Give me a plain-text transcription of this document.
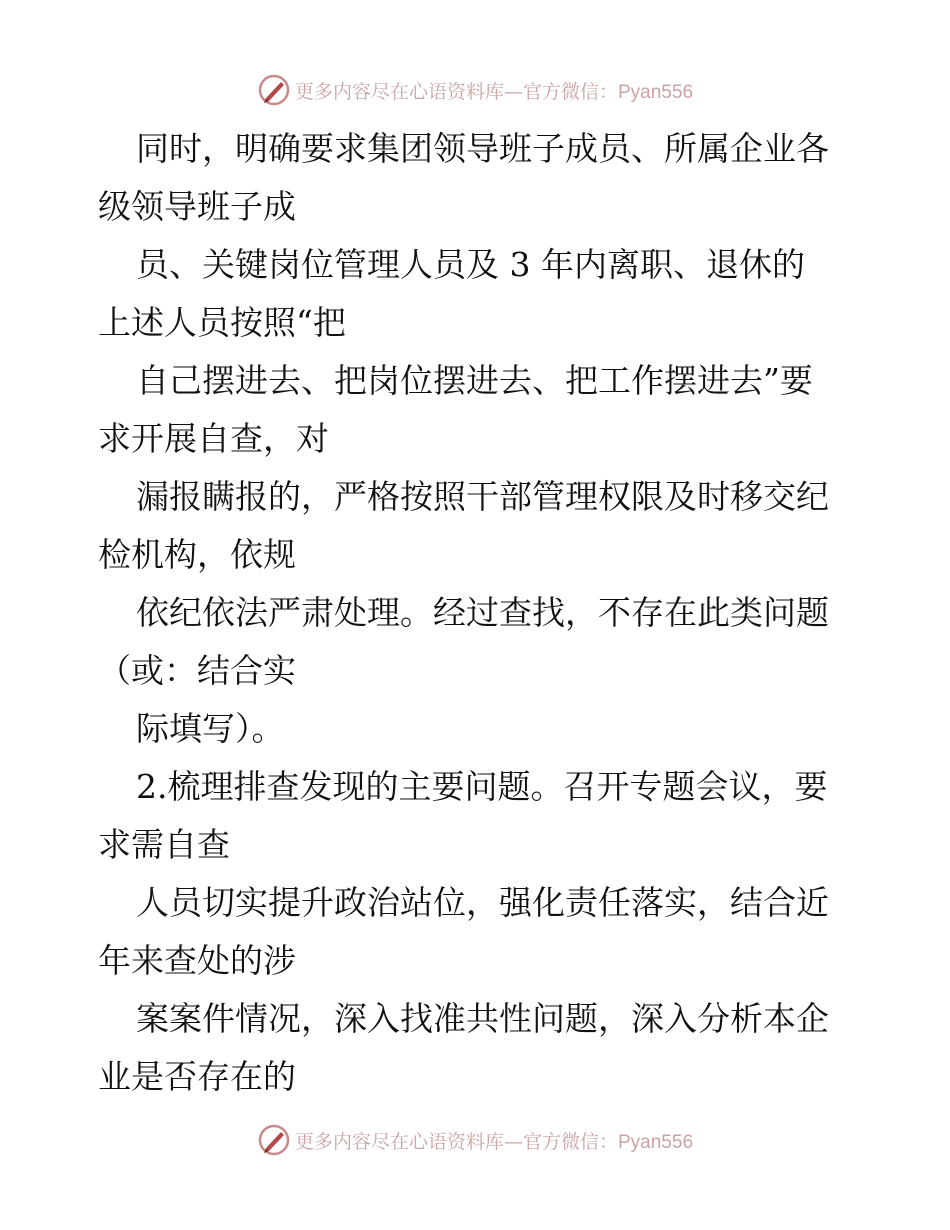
更多内容尽在心语资料库—官方微信：Pyan556
同时，明确要求集团领导班子成员、所属企业各
级领导班子成
员、关键岗位管理人员及 3 年内离职、退休的
上述人员按照“把
自己摆进去、把岗位摆进去、把工作摆进去”要
求开展自查，对
漏报瞒报的，严格按照干部管理权限及时移交纪
检机构，依规
依纪依法严肃处理。经过查找，不存在此类问题
（或：结合实
际填写）。
2.梳理排查发现的主要问题。召开专题会议，要
求需自查
人员切实提升政治站位，强化责任落实，结合近
年来查处的涉
案案件情况，深入找准共性问题，深入分析本企
业是否存在的
更多内容尽在心语资料库—官方微信：Pyan556
